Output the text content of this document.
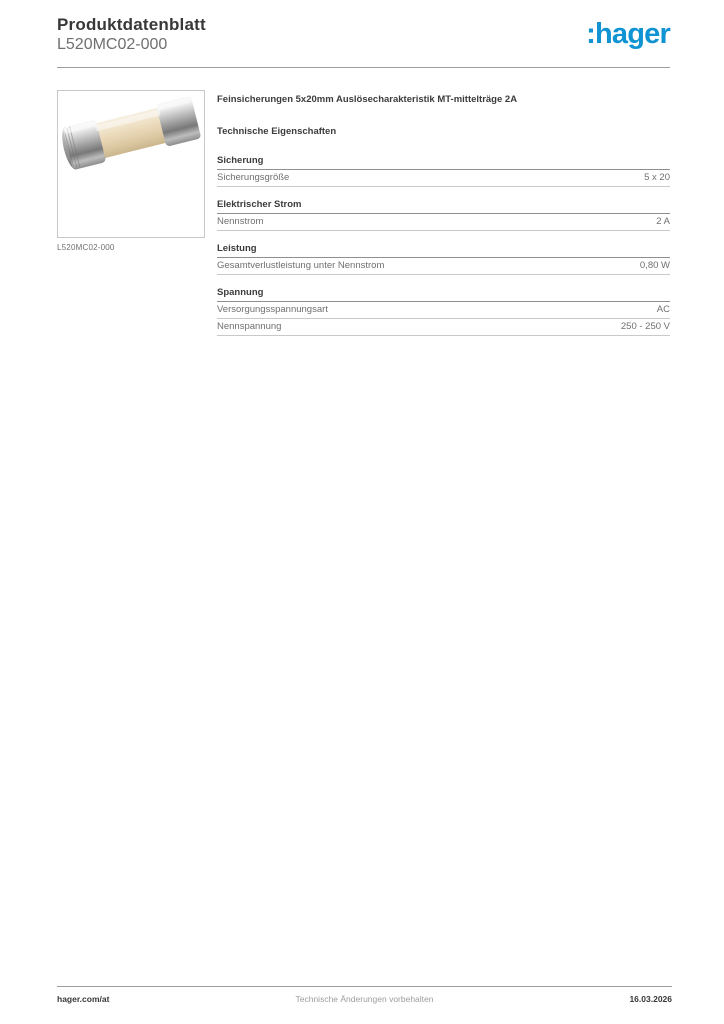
Produktdatenblatt
L520MC02-000	:hager
L520MC02-000
Feinsicherungen 5x20mm Auslösecharakteristik MT-mittelträge 2A
Technische Eigenschaften
Sicherung
Sicherungsgröße	5 x 20
Elektrischer Strom
Nennstrom	2 A
Leistung
Gesamtverlustleistung unter Nennstrom	0,80 W
Spannung
Versorgungsspannungsart	AC
Nennspannung	250 - 250 V
hager.com/at	Technische Änderungen vorbehalten	16.03.2026
